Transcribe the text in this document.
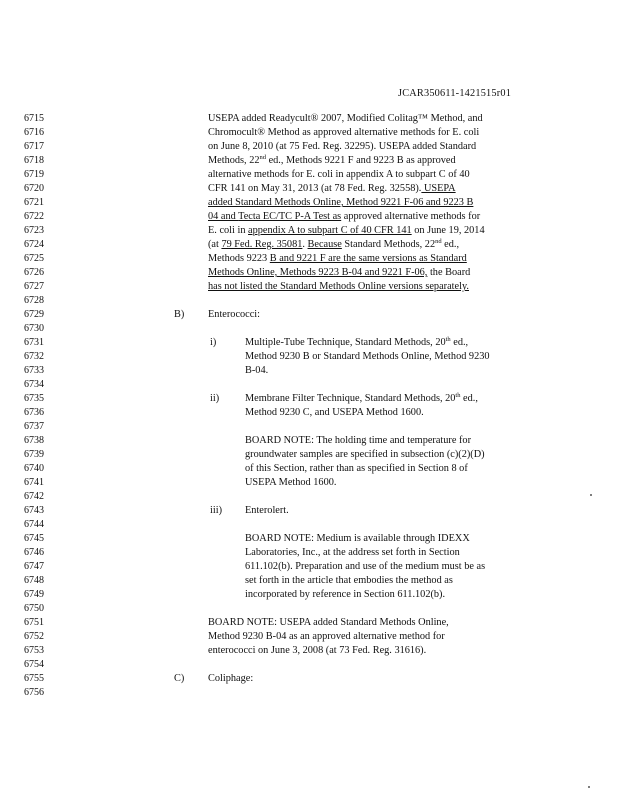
JCAR350611-1421515r01
6715
6716
6717
6718
6719
6720
6721
6722
6723
6724
6725
6726
6727
6728
6729
6730
6731
6732
6733
6734
6735
6736
6737
6738
6739
6740
6741
6742
6743
6744
6745
6746
6747
6748
6749
6750
6751
6752
6753
6754
6755
6756
USEPA added Readycult® 2007, Modified Colitag™ Method, and
Chromocult® Method as approved alternative methods for E. coli
on June 8, 2010 (at 75 Fed. Reg. 32295). USEPA added Standard
Methods, 22nd ed., Methods 9221 F and 9223 B as approved
alternative methods for E. coli in appendix A to subpart C of 40
CFR 141 on May 31, 2013 (at 78 Fed. Reg. 32558). USEPA
added Standard Methods Online, Method 9221 F-06 and 9223 B
04 and Tecta EC/TC P-A Test as approved alternative methods for
E. coli in appendix A to subpart C of 40 CFR 141 on June 19, 2014
(at 79 Fed. Reg. 35081. Because Standard Methods, 22nd ed.,
Methods 9223 B and 9221 F are the same versions as Standard
Methods Online, Methods 9223 B-04 and 9221 F-06, the Board
has not listed the Standard Methods Online versions separately.
B) Enterococci:
i)	Multiple-Tube Technique, Standard Methods, 20th ed.,
Method 9230 B or Standard Methods Online, Method 9230
B-04.
ii)	Membrane Filter Technique, Standard Methods, 20th ed.,
Method 9230 C, and USEPA Method 1600.
BOARD NOTE: The holding time and temperature for
groundwater samples are specified in subsection (c)(2)(D)
of this Section, rather than as specified in Section 8 of
USEPA Method 1600.
iii) Enterolert.
BOARD NOTE: Medium is available through IDEXX
Laboratories, Inc., at the address set forth in Section
611.102(b). Preparation and use of the medium must be as
set forth in the article that embodies the method as
incorporated by reference in Section 611.102(b).
BOARD NOTE: USEPA added Standard Methods Online,
Method 9230 B-04 as an approved alternative method for
enterococci on June 3, 2008 (at 73 Fed. Reg. 31616).
C) Coliphage:
